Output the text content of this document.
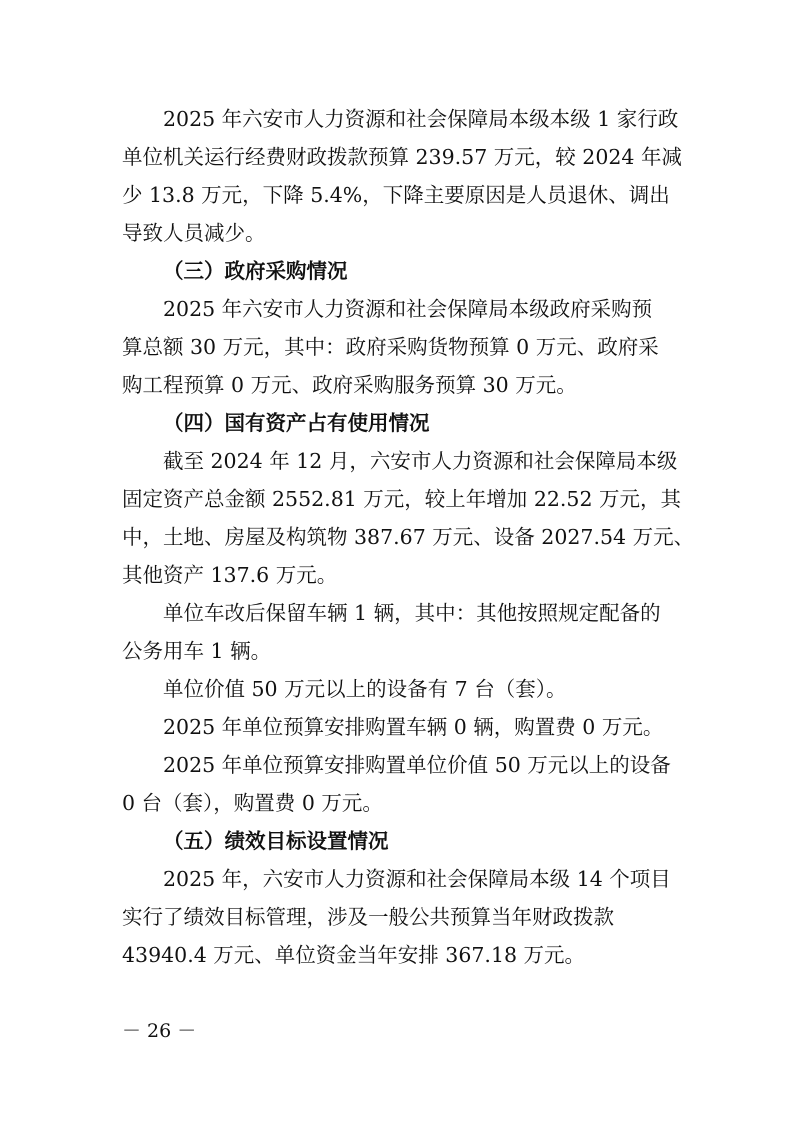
2025 年六安市人力资源和社会保障局本级本级 1 家行政

单位机关运行经费财政拨款预算 239.57 万元，较 2024 年减

少 13.8 万元，下降 5.4%，下降主要原因是人员退休、调出

导致人员减少。

（三）政府采购情况

2025 年六安市人力资源和社会保障局本级政府采购预

算总额 30 万元，其中：政府采购货物预算 0 万元、政府采

购工程预算 0 万元、政府采购服务预算 30 万元。

（四）国有资产占有使用情况

截至 2024 年 12 月，六安市人力资源和社会保障局本级

固定资产总金额 2552.81 万元，较上年增加 22.52 万元，其

中，土地、房屋及构筑物 387.67 万元、设备 2027.54 万元、

其他资产 137.6 万元。

单位车改后保留车辆 1 辆，其中：其他按照规定配备的

公务用车 1 辆。

单位价值 50 万元以上的设备有 7 台（套）。

2025 年单位预算安排购置车辆 0 辆，购置费 0 万元。

2025 年单位预算安排购置单位价值 50 万元以上的设备

0 台（套），购置费 0 万元。

（五）绩效目标设置情况

2025 年，六安市人力资源和社会保障局本级 14 个项目

实行了绩效目标管理，涉及一般公共预算当年财政拨款

43940.4 万元、单位资金当年安排 367.18 万元。

－ 26 －
